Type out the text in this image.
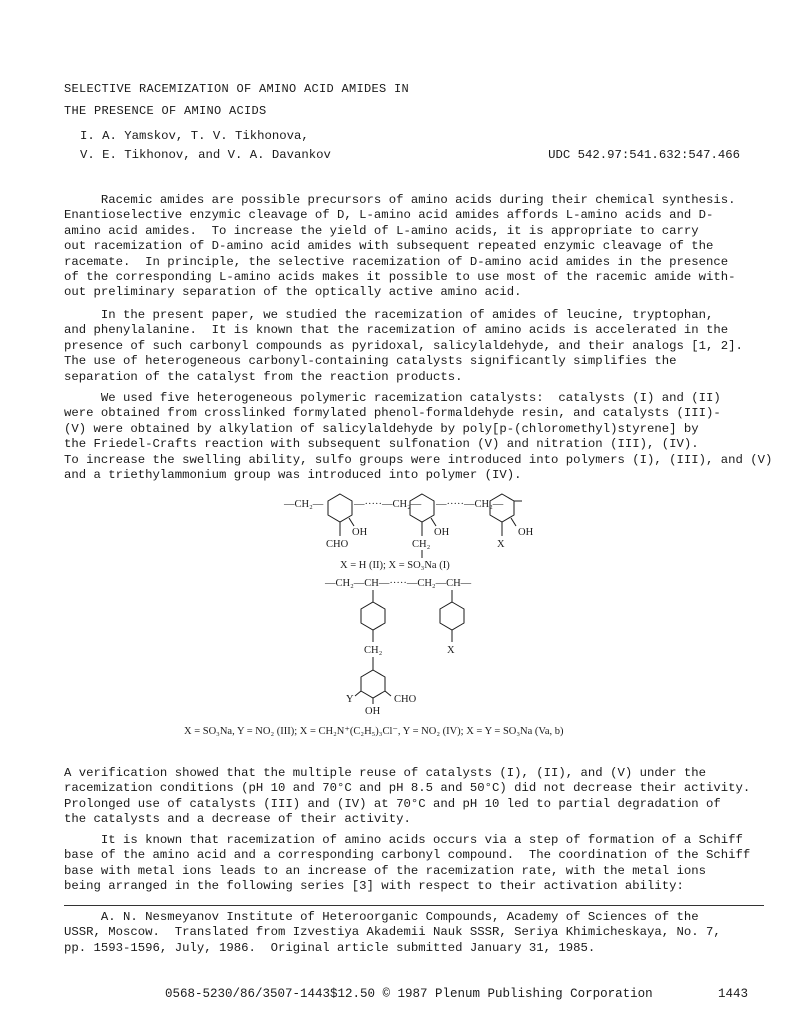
SELECTIVE RACEMIZATION OF AMINO ACID AMIDES IN
THE PRESENCE OF AMINO ACIDS
I. A. Yamskov, T. V. Tikhonova,
V. E. Tikhonov, and V. A. Davankov	UDC 542.97:541.632:547.466
Racemic amides are possible precursors of amino acids during their chemical synthesis.
Enantioselective enzymic cleavage of D, L-amino acid amides affords L-amino acids and D-
amino acid amides.  To increase the yield of L-amino acids, it is appropriate to carry
out racemization of D-amino acid amides with subsequent repeated enzymic cleavage of the
racemate.  In principle, the selective racemization of D-amino acid amides in the presence
of the corresponding L-amino acids makes it possible to use most of the racemic amide with-
out preliminary separation of the optically active amino acid.
In the present paper, we studied the racemization of amides of leucine, tryptophan,
and phenylalanine.  It is known that the racemization of amino acids is accelerated in the
presence of such carbonyl compounds as pyridoxal, salicylaldehyde, and their analogs [1, 2].
The use of heterogeneous carbonyl-containing catalysts significantly simplifies the
separation of the catalyst from the reaction products.
We used five heterogeneous polymeric racemization catalysts:  catalysts (I) and (II)
were obtained from crosslinked formylated phenol-formaldehyde resin, and catalysts (III)-
(V) were obtained by alkylation of salicylaldehyde by poly[p-(chloromethyl)styrene] by
the Friedel-Crafts reaction with subsequent sulfonation (V) and nitration (III), (IV).
To increase the swelling ability, sulfo groups were introduced into polymers (I), (III), and (V)
and a triethylammonium group was introduced into polymer (IV).
—CH₂—	—·····—CH₂— —·····—CH₂—
OH
CHO
OH
CH₂
OH
X
X = H (II); X = SO₃Na (I)
—CH₂—CH—·····—CH₂—CH—
CH₂	X
Y	CHO
OH
X = SO₃Na, Y = NO₂ (III); X = CH₂N⁺(C₂H₅)₃Cl⁻, Y = NO₂ (IV); X = Y = SO₃Na (Va, b)
A verification showed that the multiple reuse of catalysts (I), (II), and (V) under the
racemization conditions (pH 10 and 70°C and pH 8.5 and 50°C) did not decrease their activity.
Prolonged use of catalysts (III) and (IV) at 70°C and pH 10 led to partial degradation of
the catalysts and a decrease of their activity.
It is known that racemization of amino acids occurs via a step of formation of a Schiff
base of the amino acid and a corresponding carbonyl compound.  The coordination of the Schiff
base with metal ions leads to an increase of the racemization rate, with the metal ions
being arranged in the following series [3] with respect to their activation ability:
A. N. Nesmeyanov Institute of Heteroorganic Compounds, Academy of Sciences of the
USSR, Moscow.  Translated from Izvestiya Akademii Nauk SSSR, Seriya Khimicheskaya, No. 7,
pp. 1593-1596, July, 1986.  Original article submitted January 31, 1985.
0568-5230/86/3507-1443$12.50 © 1987 Plenum Publishing Corporation	1443
